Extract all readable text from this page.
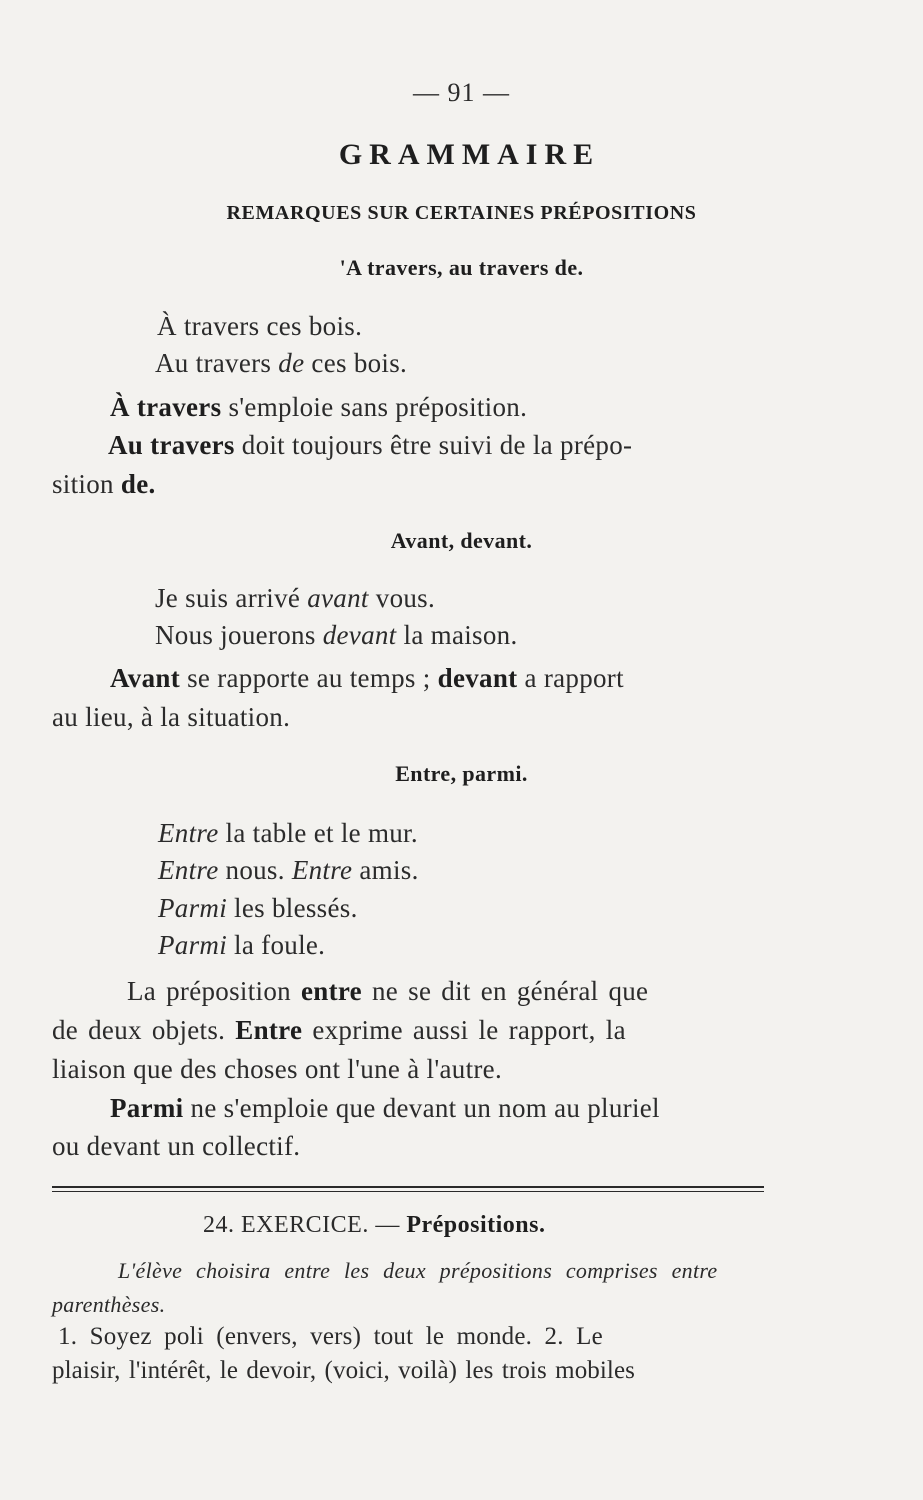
— 91 —
GRAMMAIRE
REMARQUES SUR CERTAINES PRÉPOSITIONS
'A travers, au travers de.
À travers ces bois.
Au travers de ces bois.
À travers s'emploie sans préposition.
Au travers doit toujours être suivi de la prépo-
sition de.
Avant, devant.
Je suis arrivé avant vous.
Nous jouerons devant la maison.
Avant se rapporte au temps ; devant a rapport
au lieu, à la situation.
Entre, parmi.
Entre la table et le mur.
Entre nous. Entre amis.
Parmi les blessés.
Parmi la foule.
La préposition entre ne se dit en général que
de deux objets. Entre exprime aussi le rapport, la
liaison que des choses ont l'une à l'autre.
Parmi ne s'emploie que devant un nom au pluriel
ou devant un collectif.
24. EXERCICE. — Prépositions.
L'élève choisira entre les deux prépositions comprises entre
parenthèses.
1. Soyez poli (envers, vers) tout le monde. 2. Le
plaisir, l'intérêt, le devoir, (voici, voilà) les trois mobiles
